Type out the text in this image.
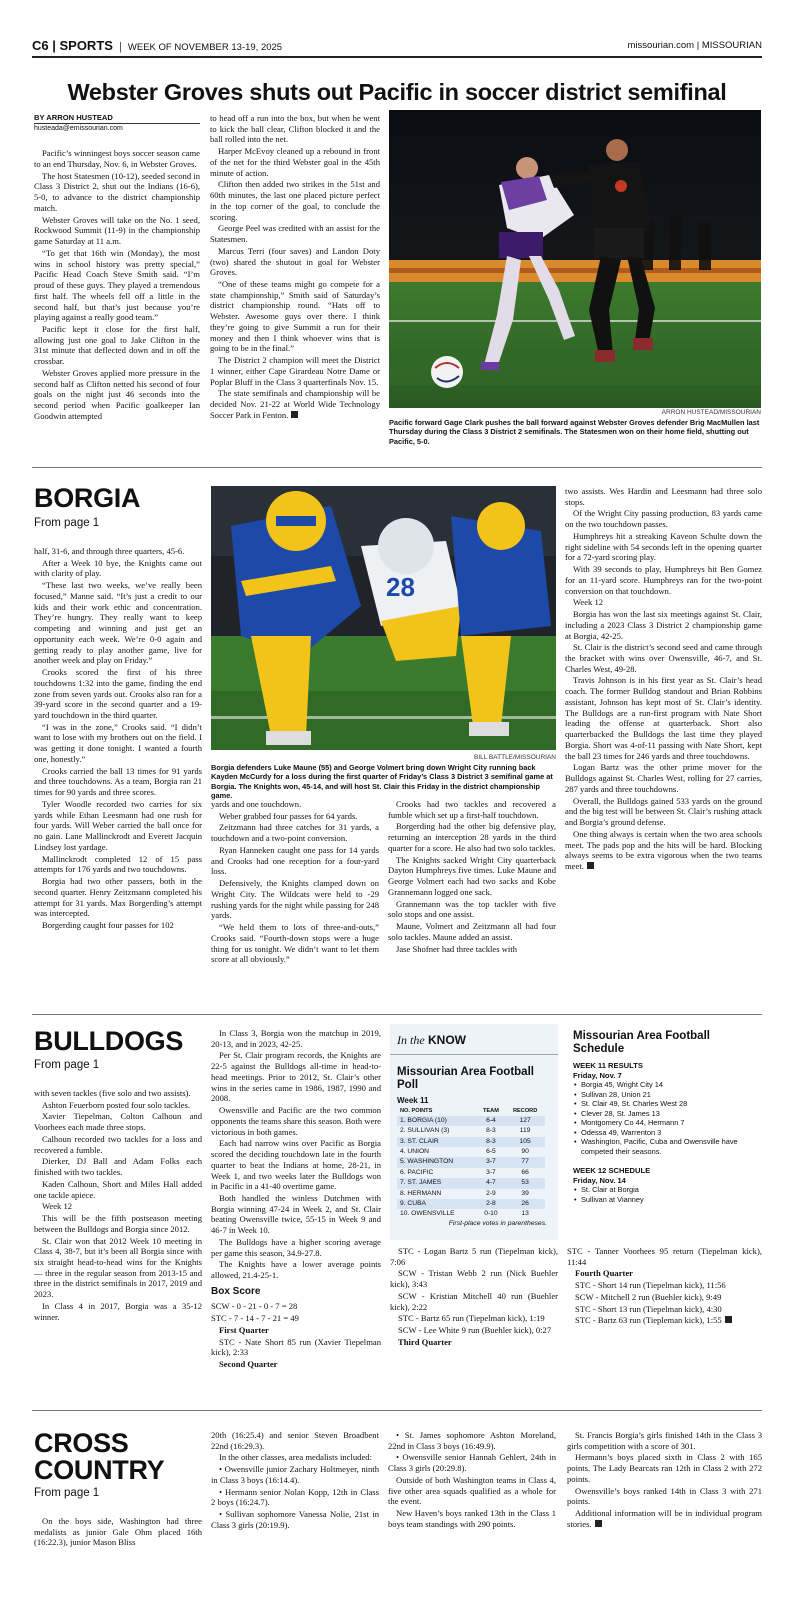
C6 | SPORTS | WEEK OF NOVEMBER 13-19, 2025	missourian.com | MISSOURIAN
Webster Groves shuts out Pacific in soccer district semifinal
BY ARRON HUSTEAD
husteada@emissourian.com

Pacific’s winningest boys soccer season came to an end Thursday, Nov. 6, in Webster Groves.

The host Statesmen (10-12), seeded second in Class 3 District 2, shut out the Indians (16-6), 5-0, to advance to the district championship match.

Webster Groves will take on the No. 1 seed, Rockwood Summit (11-9) in the championship game Saturday at 11 a.m.

“To get that 16th win (Monday), the most wins in school history was pretty special,” Pacific Head Coach Steve Smith said. “I’m proud of these guys. They played a tremendous first half. The wheels fell off a little in the second half, but that’s just because you’re playing against a really good team.”

Pacific kept it close for the first half, allowing just one goal to Jake Clifton in the 31st minute that deflected down and in off the crossbar.

Webster Groves applied more pressure in the second half as Clifton netted his second of four goals on the night just 46 seconds into the second period when Pacific goalkeeper Ian Goodwin attempted

to head off a run into the box, but when he went to kick the ball clear, Clifton blocked it and the ball rolled into the net.

Harper McEvoy cleaned up a rebound in front of the net for the third Webster goal in the 45th minute of action.

Clifton then added two strikes in the 51st and 60th minutes, the last one placed picture perfect in the top corner of the goal, to conclude the scoring.

George Peel was credited with an assist for the Statesmen.

Marcus Terri (four saves) and Landon Doty (two) shared the shutout in goal for Webster Groves.

“One of these teams might go compete for a state championship,” Smith said of Saturday’s district championship round. “Hats off to Webster. Awesome guys over there. I think they’re going to give Summit a run for their money and then I think whoever wins that is going to be in the final.”

The District 2 champion will meet the District 1 winner, either Cape Girardeau Notre Dame or Poplar Bluff in the Class 3 quarterfinals Nov. 15.

The state semifinals and championship will be decided Nov. 21-22 at World Wide Technology Soccer Park in Fenton.	ARRON HUSTEAD/MISSOURIAN
Pacific forward Gage Clark pushes the ball forward against Webster Groves defender Brig MacMullen last Thursday during the Class 3 District 2 semifinals. The Statesmen won on their home field, shutting out Pacific, 5-0.
BORGIA
From page 1

half, 31-6, and through three quarters, 45-6.

After a Week 10 bye, the Knights came out with clarity of play.

“These last two weeks, we’ve really been focused,” Manne said. “It’s just a credit to our kids and their work ethic and concentration. They’re hungry. They really want to keep competing and winning and just get an opportunity each week. We’re 0-0 again and getting ready to play another game, live for another week and play on Friday.”

Crooks scored the first of his three touchdowns 1:32 into the game, finding the end zone from seven yards out. Crooks also ran for a 39-yard score in the second quarter and a 19-yard touchdown in the third quarter.

“I was in the zone,” Crooks said. “I didn’t want to lose with my brothers out on the field. I was getting it done tonight. I wanted a fourth one, honestly.”

Crooks carried the ball 13 times for 91 yards and three touchdowns. As a team, Borgia ran 21 times for 90 yards and three scores.

Tyler Woodle recorded two carries for six yards while Ethan Leesmann had one rush for four yards. Will Weber carried the ball once for no gain. Lane Mallinckrodt and Everett Jacquin Lindsey lost yardage.

Mallinckrodt completed 12 of 15 pass attempts for 176 yards and two touchdowns.

Borgia had two other passers, both in the second quarter. Henry Zeitzmann completed his attempt for 31 yards. Max Borgerding’s attempt was intercepted.

Borgerding caught four passes for 102

28
BILL BATTLE/MISSOURIAN
Borgia defenders Luke Maune (55) and George Volmert bring down Wright City running back Kayden McCurdy for a loss during the first quarter of Friday’s Class 3 District 3 semifinal game at Borgia. The Knights won, 45-14, and will host St. Clair this Friday in the district championship game.

yards and one touchdown.

Weber grabbed four passes for 64 yards.

Zeitzmann had three catches for 31 yards, a touchdown and a two-point conversion.

Ryan Hanneken caught one pass for 14 yards and Crooks had one reception for a four-yard loss.

Defensively, the Knights clamped down on Wright City. The Wildcats were held to -29 rushing yards for the night while passing for 248 yards.

“We held them to lots of three-and-outs,” Crooks said. “Fourth-down stops were a huge thing for us tonight. We didn’t want to let them score at all obviously.”

Crooks had two tackles and recovered a fumble which set up a first-half touchdown.

Borgerding had the other big defensive play, returning an interception 28 yards in the third quarter for a score. He also had two solo tackles.

The Knights sacked Wright City quarterback Dayton Humphreys five times. Luke Maune and George Volmert each had two sacks and Kobe Grannemann logged one sack.

Grannemann was the top tackler with five solo stops and one assist.

Maune, Volmert and Zeitzmann all had four solo tackles. Maune added an assist.

Jase Shofner had three tackles with

two assists. Wes Hardin and Leesmann had three solo stops.

Of the Wright City passing production, 83 yards came on the two touchdown passes.

Humphreys hit a streaking Kaveon Schulte down the right sideline with 54 seconds left in the opening quarter for a 72-yard scoring play.

With 39 seconds to play, Humphreys hit Ben Gomez for an 11-yard score. Humphreys ran for the two-point conversion on that touchdown.

Week 12

Borgia has won the last six meetings against St. Clair, including a 2023 Class 3 District 2 championship game at Borgia, 42-25.

St. Clair is the district’s second seed and came through the bracket with wins over Owensville, 46-7, and St. Charles West, 49-28.

Travis Johnson is in his first year as St. Clair’s head coach. The former Bulldog standout and Brian Robbins assistant, Johnson has kept most of St. Clair’s identity. The Bulldogs are a run-first program with Nate Short leading the offense at quarterback. Short also quarterbacked the Bulldogs the last time they played Borgia. Short was 4-of-11 passing with Nate Short, kept the ball 23 times for 246 yards and three touchdowns.

Logan Bartz was the other prime mover for the Bulldogs against St. Charles West, rolling for 27 carries, 287 yards and three touchdowns.

Overall, the Bulldogs gained 533 yards on the ground and the big test will be between St. Clair’s rushing attack and Borgia’s ground defense.

One thing always is certain when the two area schools meet. The pads pop and the hits will be hard. Blocking always seems to be extra vigorous when the two teams meet.

BULLDOGS
From page 1

with seven tackles (five solo and two assists).

Ashton Feuerborn posted four solo tackles.

Xavier Tiepelman, Colton Calhoun and Voorhees each made three stops.

Calhoun recorded two tackles for a loss and recovered a fumble.

Dierker, DJ Ball and Adam Folks each finished with two tackles.

Kaden Calhoun, Short and Miles Hall added one tackle apiece.

Week 12

This will be the fifth postseason meeting between the Bulldogs and Borgia since 2012.

St. Clair won that 2012 Week 10 meeting in Class 4, 38-7, but it’s been all Borgia since with six straight head-to-head wins for the Knights — three in the regular season from 2013-15 and three in the district semifinals in 2017, 2019 and 2023.

In Class 4 in 2017, Borgia was a 35-12 winner.

In Class 3, Borgia won the matchup in 2019, 20-13, and in 2023, 42-25.

Per St. Clair program records, the Knights are 22-5 against the Bulldogs all-time in head-to-head meetings. Prior to 2012, St. Clair’s other wins in the series came in 1986, 1987, 1990 and 2008.

Owensville and Pacific are the two common opponents the teams share this season. Both were victorious in both games.

Each had narrow wins over Pacific as Borgia scored the deciding touchdown late in the fourth quarter to beat the Indians at home, 28-21, in Week 1, and two weeks later the Bulldogs won in Pacific in a 41-40 overtime game.

Both handled the winless Dutchmen with Borgia winning 47-24 in Week 2, and St. Clair beating Owensville twice, 55-15 in Week 9 and 46-7 in Week 10.

The Bulldogs have a higher scoring average per game this season, 34.9-27.8.

The Knights have a lower average points allowed, 21.4-25-1.

Box Score

SCW - 0 - 21 - 0 - 7 = 28

STC - 7 - 14 - 7 - 21 = 49

First Quarter

STC - Nate Short 85 run (Xavier Tiepelman kick), 2:33

Second Quarter

In the KNOW
Missourian Area Football Poll
Week 11
NO. POINTS	TEAM	RECORD
1. BORGIA (10)	6-4	127
2. SULLIVAN (3)	8-3	119
3. ST. CLAIR	8-3	105
4. UNION	6-5	90
5. WASHINGTON	3-7	77
6. PACIFIC	3-7	66
7. ST. JAMES	4-7	53
8. HERMANN	2-9	39
9. CUBA	2-8	26
10. OWENSVILLE	0-10	13
First-place votes in parentheses.

STC - Logan Bartz 5 run (Tiepelman kick), 7:06

SCW - Tristan Webb 2 run (Nick Buehler kick), 3:43

SCW - Kristian Mitchell 40 run (Buehler kick), 2:22

STC - Bartz 65 run (Tiepelman kick), 1:19

SCW - Lee White 9 run (Buehler kick), 0:27

Third Quarter

Missourian Area Football Schedule
WEEK 11 RESULTS
Friday, Nov. 7
• Borgia 45, Wright City 14
• Sullivan 28, Union 21
• St. Clair 49, St. Charles West 28
• Clever 28, St. James 13
• Montgomery Co 44, Hermann 7
• Odessa 49, Warrenton 3
• Washington, Pacific, Cuba and Owensville have competed their seasons.
WEEK 12 SCHEDULE
Friday, Nov. 14
• St. Clair at Borgia
• Sullivan at Vianney

STC - Tanner Voorhees 95 return (Tiepelman kick), 11:44

Fourth Quarter

STC - Short 14 run (Tiepelman kick), 11:56

SCW - Mitchell 2 run (Buehler kick), 9:49

STC - Short 13 run (Tiepelman kick), 4:30

STC - Bartz 63 run (Tiepleman kick), 1:55

CROSS
COUNTRY
From page 1

On the boys side, Washington had three medalists as junior Gale Ohm placed 16th (16:22.3), junior Mason Bliss

20th (16:25.4) and senior Steven Broadbent 22nd (16:29.3).

In the other classes, area medalists included:

• Owensville junior Zachary Holtmeyer, ninth in Class 3 boys (16:14.4).

• Hermann senior Nolan Kopp, 12th in Class 2 boys (16:24.7).

• Sullivan sophomore Vanessa Nolie, 21st in Class 3 girls (20:19.9).

• St. James sophomore Ashton Moreland, 22nd in Class 3 boys (16:49.9).

• Owensville senior Hannah Gehlert, 24th in Class 3 girls (20:29.8).

Outside of both Washington teams in Class 4, five other area squads qualified as a whole for the event.

New Haven’s boys ranked 13th in the Class 1 boys team standings with 290 points.

St. Francis Borgia’s girls finished 14th in the Class 3 girls competition with a score of 301.

Hermann’s boys placed sixth in Class 2 with 165 points. The Lady Bearcats ran 12th in Class 2 with 272 points.

Owensville’s boys ranked 14th in Class 3 with 271 points.

Additional information will be in individual program stories.
